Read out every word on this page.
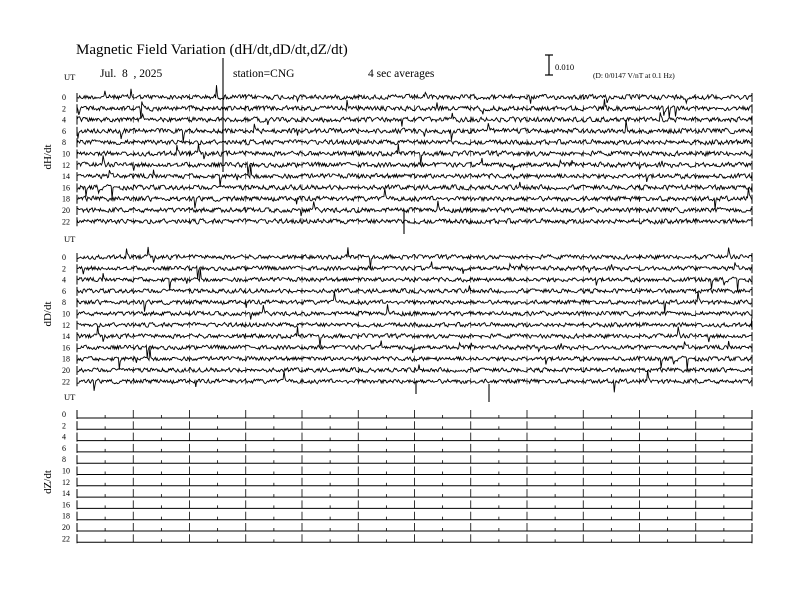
Magnetic Field Variation (dH/dt,dD/dt,dZ/dt)
Jul.  8  , 2025	station=CNG	4 sec averages
0.010
(D: 0/0147 V/nT at 0.1 Hz)
UT
dH/dt
0
2
4
6
8
10
12
14
16
18
20
22
UT
dD/dt
0
2
4
6
8
10
12
14
16
18
20
22
UT
dZ/dt
0
2
4
6
8
10
12
14
16
18
20
22
